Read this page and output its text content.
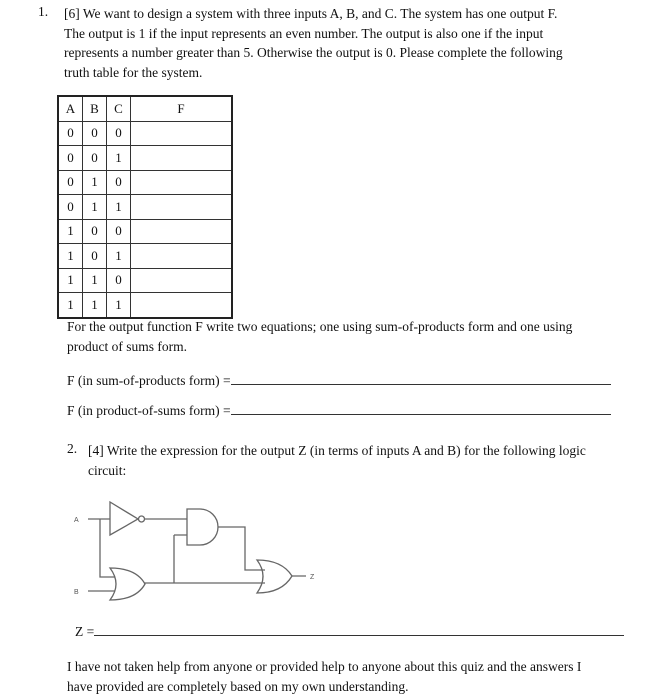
1. [6] We want to design a system with three inputs A, B, and C. The system has one output F.
The output is 1 if the input represents an even number. The output is also one if the input
represents a number greater than 5. Otherwise the output is 0. Please complete the following
truth table for the system.
A	B	C	F
0	0	0	
0	0	1	
0	1	0	
0	1	1	
1	0	0	
1	0	1	
1	1	0	
1	1	1	
For the output function F write two equations; one using sum-of-products form and one using
product of sums form.
F (in sum-of-products form) =
F (in product-of-sums form) =
2. [4] Write the expression for the output Z (in terms of inputs A and B) for the following logic
circuit:
A
B
Z
Z =
I have not taken help from anyone or provided help to anyone about this quiz and the answers I
have provided are completely based on my own understanding.
